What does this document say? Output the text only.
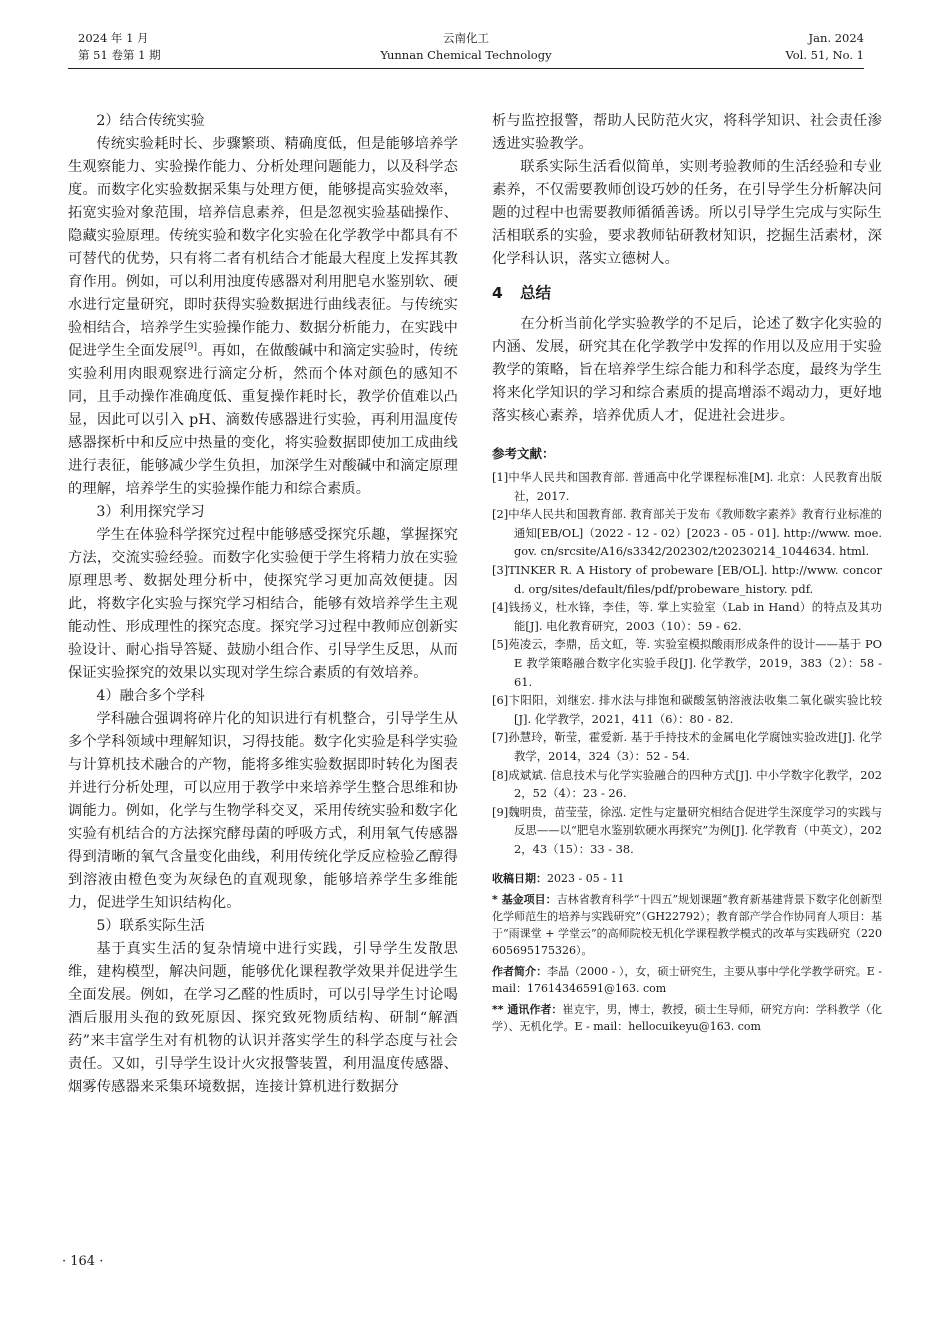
2024 年 1 月
第 51 卷第 1 期
云南化工
Yunnan Chemical Technology
Jan. 2024
Vol. 51, No. 1

2）结合传统实验

传统实验耗时长、步骤繁琐、精确度低，但是能够培养学生观察能力、实验操作能力、分析处理问题能力，以及科学态度。而数字化实验数据采集与处理方便，能够提高实验效率，拓宽实验对象范围，培养信息素养，但是忽视实验基础操作、隐藏实验原理。传统实验和数字化实验在化学教学中都具有不可替代的优势，只有将二者有机结合才能最大程度上发挥其教育作用。例如，可以利用浊度传感器对利用肥皂水鉴别软、硬水进行定量研究，即时获得实验数据进行曲线表征。与传统实验相结合，培养学生实验操作能力、数据分析能力，在实践中促进学生全面发展[9]。再如，在做酸碱中和滴定实验时，传统实验利用肉眼观察进行滴定分析，然而个体对颜色的感知不同，且手动操作准确度低、重复操作耗时长，教学价值难以凸显，因此可以引入 pH、滴数传感器进行实验，再利用温度传感器探析中和反应中热量的变化，将实验数据即使加工成曲线进行表征，能够减少学生负担，加深学生对酸碱中和滴定原理的理解，培养学生的实验操作能力和综合素质。

3）利用探究学习

学生在体验科学探究过程中能够感受探究乐趣，掌握探究方法，交流实验经验。而数字化实验便于学生将精力放在实验原理思考、数据处理分析中，使探究学习更加高效便捷。因此，将数字化实验与探究学习相结合，能够有效培养学生主观能动性、形成理性的探究态度。探究学习过程中教师应创新实验设计、耐心指导答疑、鼓励小组合作、引导学生反思，从而保证实验探究的效果以实现对学生综合素质的有效培养。

4）融合多个学科

学科融合强调将碎片化的知识进行有机整合，引导学生从多个学科领域中理解知识，习得技能。数字化实验是科学实验与计算机技术融合的产物，能将多维实验数据即时转化为图表并进行分析处理，可以应用于教学中来培养学生整合思维和协调能力。例如，化学与生物学科交叉，采用传统实验和数字化实验有机结合的方法探究酵母菌的呼吸方式，利用氧气传感器得到清晰的氧气含量变化曲线，利用传统化学反应检验乙醇得到溶液由橙色变为灰绿色的直观现象，能够培养学生多维能力，促进学生知识结构化。

5）联系实际生活

基于真实生活的复杂情境中进行实践，引导学生发散思维，建构模型，解决问题，能够优化课程教学效果并促进学生全面发展。例如，在学习乙醛的性质时，可以引导学生讨论喝酒后服用头孢的致死原因、探究致死物质结构、研制“解酒药”来丰富学生对有机物的认识并落实学生的科学态度与社会责任。又如，引导学生设计火灾报警装置，利用温度传感器、烟雾传感器来采集环境数据，连接计算机进行数据分

析与监控报警，帮助人民防范火灾，将科学知识、社会责任渗透进实验教学。

联系实际生活看似简单，实则考验教师的生活经验和专业素养，不仅需要教师创设巧妙的任务，在引导学生分析解决问题的过程中也需要教师循循善诱。所以引导学生完成与实际生活相联系的实验，要求教师钻研教材知识，挖掘生活素材，深化学科认识，落实立德树人。

4 总结

在分析当前化学实验教学的不足后，论述了数字化实验的内涵、发展，研究其在化学教学中发挥的作用以及应用于实验教学的策略，旨在培养学生综合能力和科学态度，最终为学生将来化学知识的学习和综合素质的提高增添不竭动力，更好地落实核心素养，培养优质人才，促进社会进步。

参考文献：
[1]中华人民共和国教育部. 普通高中化学课程标准[M]. 北京：人民教育出版社，2017.
[2]中华人民共和国教育部. 教育部关于发布《教师数字素养》教育行业标准的通知[EB/OL]（2022 - 12 - 02）[2023 - 05 - 01]. http://www. moe. gov. cn/srcsite/A16/s3342/202302/t20230214_1044634. html.
[3]TINKER R. A History of probeware [EB/OL]. http://www. concord. org/sites/default/files/pdf/probeware_history. pdf.
[4]钱扬义，杜水锋，李佳，等. 掌上实验室（Lab in Hand）的特点及其功能[J]. 电化教育研究，2003（10）：59 - 62.
[5]苑凌云，李鼎，岳文虹，等. 实验室模拟酸雨形成条件的设计——基于 POE 教学策略融合数字化实验手段[J]. 化学教学，2019，383（2）：58 - 61.
[6]卞阳阳，刘继宏. 排水法与排饱和碳酸氢钠溶液法收集二氧化碳实验比较[J]. 化学教学，2021，411（6）：80 - 82.
[7]孙慧玲，靳莹，霍爱新. 基于手持技术的金属电化学腐蚀实验改进[J]. 化学教学，2014，324（3）：52 - 54.
[8]成斌斌. 信息技术与化学实验融合的四种方式[J]. 中小学数字化教学，2022，52（4）：23 - 26.
[9]魏明贵，苗莹莹，徐泓. 定性与定量研究相结合促进学生深度学习的实践与反思——以“肥皂水鉴别软硬水再探究”为例[J]. 化学教育（中英文），2022，43（15）：33 - 38.
收稿日期：2023 - 05 - 11
* 基金项目：吉林省教育科学“十四五”规划课题“教育新基建背景下数字化创新型化学师范生的培养与实践研究”（GH22792）；教育部产学合作协同育人项目：基于“雨课堂 + 学堂云”的高师院校无机化学课程教学模式的改革与实践研究（220605695175326）。
作者简介：李晶（2000 - ），女，硕士研究生，主要从事中学化学教学研究。E - mail：17614346591@163. com
** 通讯作者：崔克宇，男，博士，教授，硕士生导师，研究方向：学科教学（化学）、无机化学。E - mail：hellocuikeyu@163. com
· 164 ·
